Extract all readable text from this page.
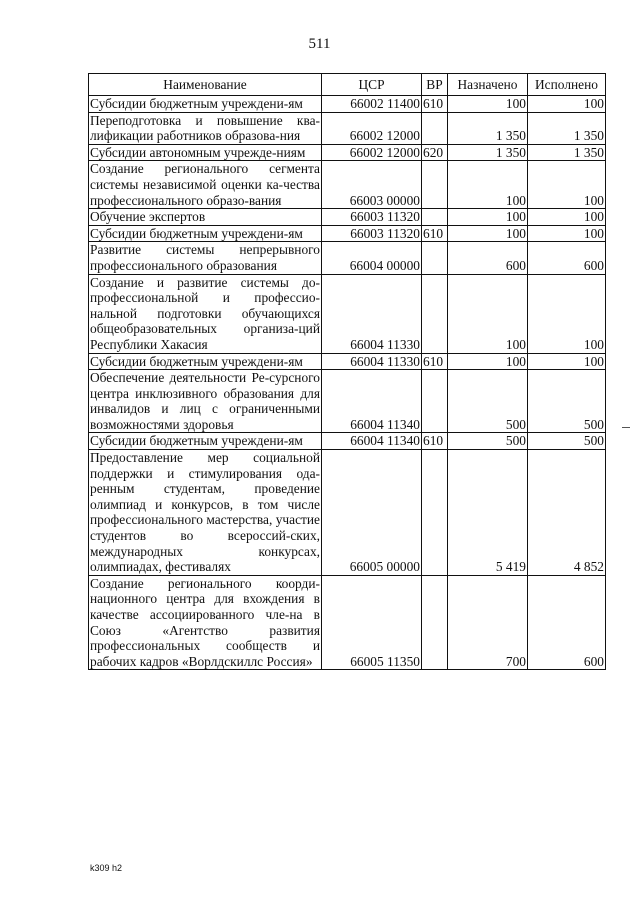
511
Наименование	ЦСР	ВР	Назначено	Исполнено
Субсидии бюджетным учреждени-ям	66002 11400	610	100	100
Переподготовка и повышение ква-лификации работников образова-ния	66002 12000		1 350	1 350
Субсидии автономным учрежде-ниям	66002 12000	620	1 350	1 350
Создание регионального сегмента системы независимой оценки ка-чества профессионального образо-вания	66003 00000		100	100
Обучение экспертов	66003 11320		100	100
Субсидии бюджетным учреждени-ям	66003 11320	610	100	100
Развитие системы непрерывного профессионального образования	66004 00000		600	600
Создание и развитие системы до-профессиональной и профессио-нальной подготовки обучающихся общеобразовательных организа-ций Республики Хакасия	66004 11330		100	100
Субсидии бюджетным учреждени-ям	66004 11330	610	100	100
Обеспечение деятельности Ре-сурсного центра инклюзивного образования для инвалидов и лиц с ограниченными возможностями здоровья	66004 11340		500	500
Субсидии бюджетным учреждени-ям	66004 11340	610	500	500
Предоставление мер социальной поддержки и стимулирования ода-ренным студентам, проведение олимпиад и конкурсов, в том числе профессионального мастерства, участие студентов во всероссий-ских, международных конкурсах, олимпиадах, фестивалях	66005 00000		5 419	4 852
Создание регионального коорди-национного центра для вхождения в качестве ассоциированного чле-на в Союз «Агентство развития профессиональных сообществ и рабочих кадров «Ворлдскиллс Россия»	66005 11350		700	600
k309 h2
